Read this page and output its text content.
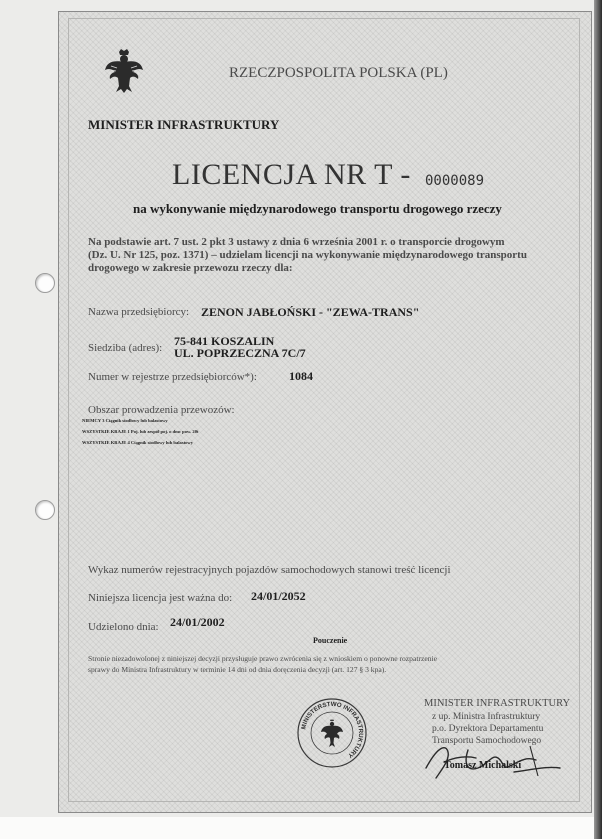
RZECZPOSPOLITA POLSKA (PL)
MINISTER INFRASTRUKTURY
LICENCJA NR T - 0000089
na wykonywanie międzynarodowego transportu drogowego rzeczy
Na podstawie art. 7 ust. 2 pkt 3 ustawy z dnia 6 września 2001 r. o transporcie drogowym
(Dz. U. Nr 125, poz. 1371) – udzielam licencji na wykonywanie międzynarodowego transportu
drogowego w zakresie przewozu rzeczy dla:
Nazwa przedsiębiorcy: ZENON JABŁOŃSKI - "ZEWA-TRANS"
Siedziba (adres): 75-841 KOSZALIN
UL. POPRZECZNA 7C/7
Numer w rejestrze przedsiębiorców*):	1084
Obszar prowadzenia przewozów:
NIEMCY 3 Ciągnik siodłowy lub balastowy
WSZYSTKIE KRAJE 1 Poj. lub zespół poj. o dmc pow. 20t
WSZYSTKIE KRAJE 4 Ciągnik siodłowy lub balastowy
Wykaz numerów rejestracyjnych pojazdów samochodowych stanowi treść licencji
Niniejsza licencja jest ważna do: 24/01/2052
Udzielono dnia: 24/01/2002
Pouczenie
Stronie niezadowolonej z niniejszej decyzji przysługuje prawo zwrócenia się z wnioskiem o ponowne rozpatrzenie
sprawy do Ministra Infrastruktury w terminie 14 dni od dnia doręczenia decyzji (art. 127 § 3 kpa).
MINISTERSTWO INFRASTRUKTURY
MINISTER INFRASTRUKTURY
z up. Ministra Infrastruktury
p.o. Dyrektora Departamentu
Transportu Samochodowego
Tomasz Michalski
